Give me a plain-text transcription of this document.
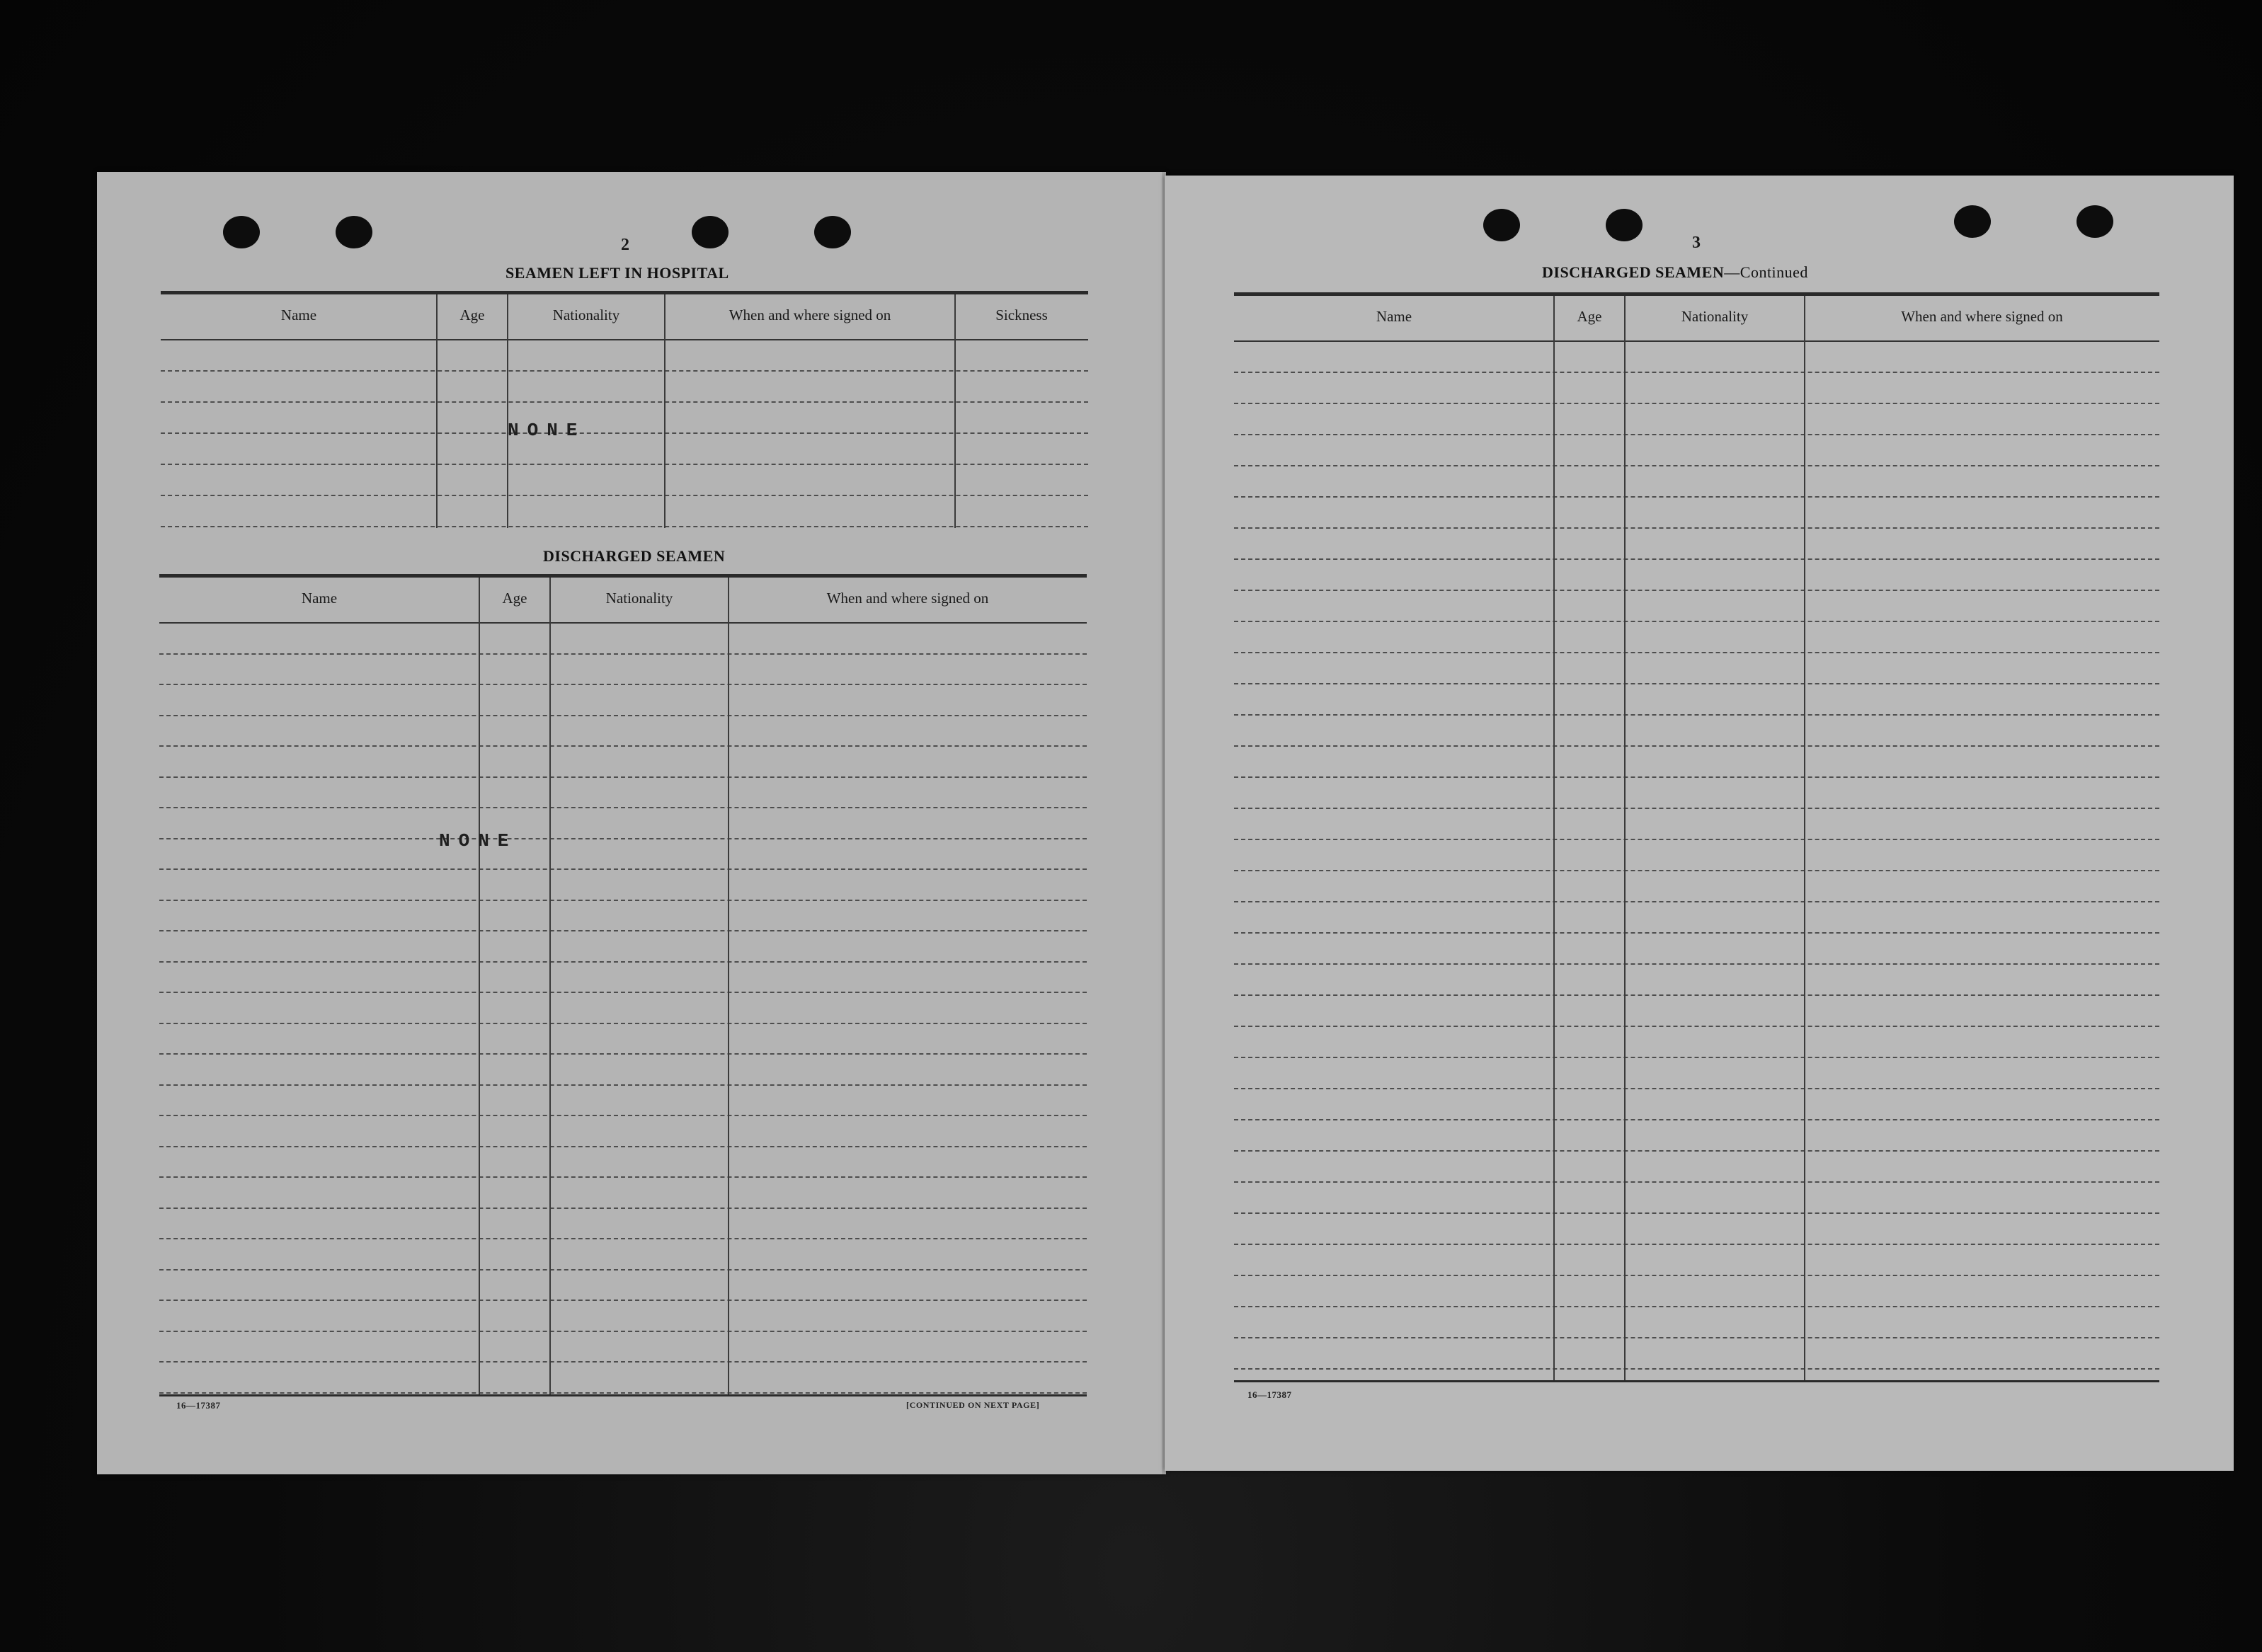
2
SEAMEN LEFT IN HOSPITAL
Name	Age	Nationality	When and where signed on	Sickness
NONE
DISCHARGED SEAMEN
Name	Age	Nationality	When and where signed on
NONE
16—17387	[CONTINUED ON NEXT PAGE]
3
DISCHARGED SEAMEN—Continued
Name	Age	Nationality	When and where signed on
16—17387
